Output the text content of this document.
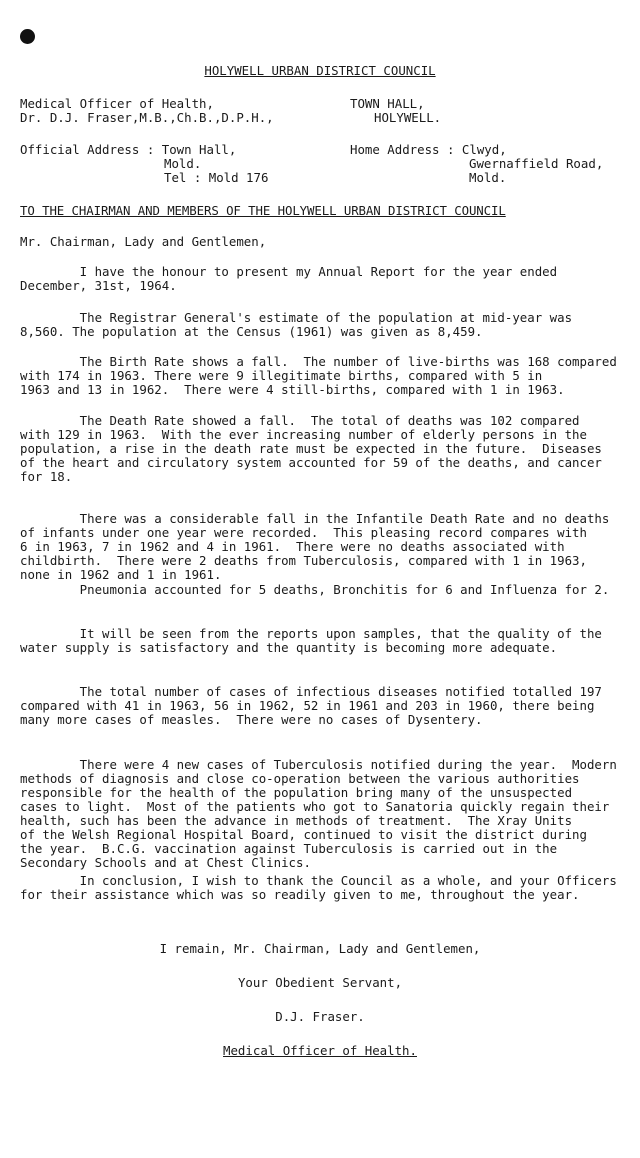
HOLYWELL URBAN DISTRICT COUNCIL
Medical Officer of Health,
Dr. D.J. Fraser,M.B.,Ch.B.,D.P.H.,
TOWN HALL,
HOLYWELL.
Official Address : Town Hall,
Mold.
Tel : Mold 176
Home Address : Clwyd,
Gwernaffield Road,
Mold.
TO THE CHAIRMAN AND MEMBERS OF THE HOLYWELL URBAN DISTRICT COUNCIL
Mr. Chairman, Lady and Gentlemen,
I have the honour to present my Annual Report for the year ended
December, 31st, 1964.
The Registrar General's estimate of the population at mid-year was
8,560. The population at the Census (1961) was given as 8,459.
The Birth Rate shows a fall.  The number of live-births was 168 compared
with 174 in 1963. There were 9 illegitimate births, compared with 5 in
1963 and 13 in 1962.  There were 4 still-births, compared with 1 in 1963.
The Death Rate showed a fall.  The total of deaths was 102 compared
with 129 in 1963.  With the ever increasing number of elderly persons in the
population, a rise in the death rate must be expected in the future.  Diseases
of the heart and circulatory system accounted for 59 of the deaths, and cancer
for 18.
There was a considerable fall in the Infantile Death Rate and no deaths
of infants under one year were recorded.  This pleasing record compares with
6 in 1963, 7 in 1962 and 4 in 1961.  There were no deaths associated with
childbirth.  There were 2 deaths from Tuberculosis, compared with 1 in 1963,
none in 1962 and 1 in 1961.
Pneumonia accounted for 5 deaths, Bronchitis for 6 and Influenza for 2.
It will be seen from the reports upon samples, that the quality of the
water supply is satisfactory and the quantity is becoming more adequate.
The total number of cases of infectious diseases notified totalled 197
compared with 41 in 1963, 56 in 1962, 52 in 1961 and 203 in 1960, there being
many more cases of measles.  There were no cases of Dysentery.
There were 4 new cases of Tuberculosis notified during the year.  Modern
methods of diagnosis and close co-operation between the various authorities
responsible for the health of the population bring many of the unsuspected
cases to light.  Most of the patients who got to Sanatoria quickly regain their
health, such has been the advance in methods of treatment.  The Xray Units
of the Welsh Regional Hospital Board, continued to visit the district during
the year.  B.C.G. vaccination against Tuberculosis is carried out in the
Secondary Schools and at Chest Clinics.
In conclusion, I wish to thank the Council as a whole, and your Officers
for their assistance which was so readily given to me, throughout the year.
I remain, Mr. Chairman, Lady and Gentlemen,
Your Obedient Servant,
D.J. Fraser.
Medical Officer of Health.
